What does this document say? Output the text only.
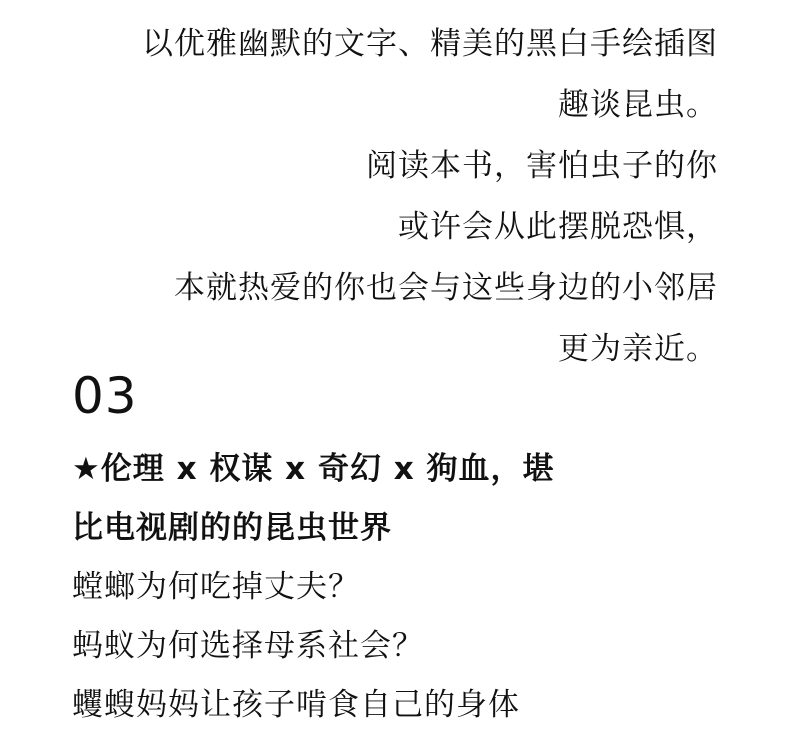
以优雅幽默的文字、精美的黑白手绘插图
趣谈昆虫。
阅读本书，害怕虫子的你
或许会从此摆脱恐惧，
本就热爱的你也会与这些身边的小邻居
更为亲近。
03
★伦理 x 权谋 x 奇幻 x 狗血，堪
比电视剧的的昆虫世界
螳螂为何吃掉丈夫？
蚂蚁为何选择母系社会？
蠼螋妈妈让孩子啃食自己的身体
